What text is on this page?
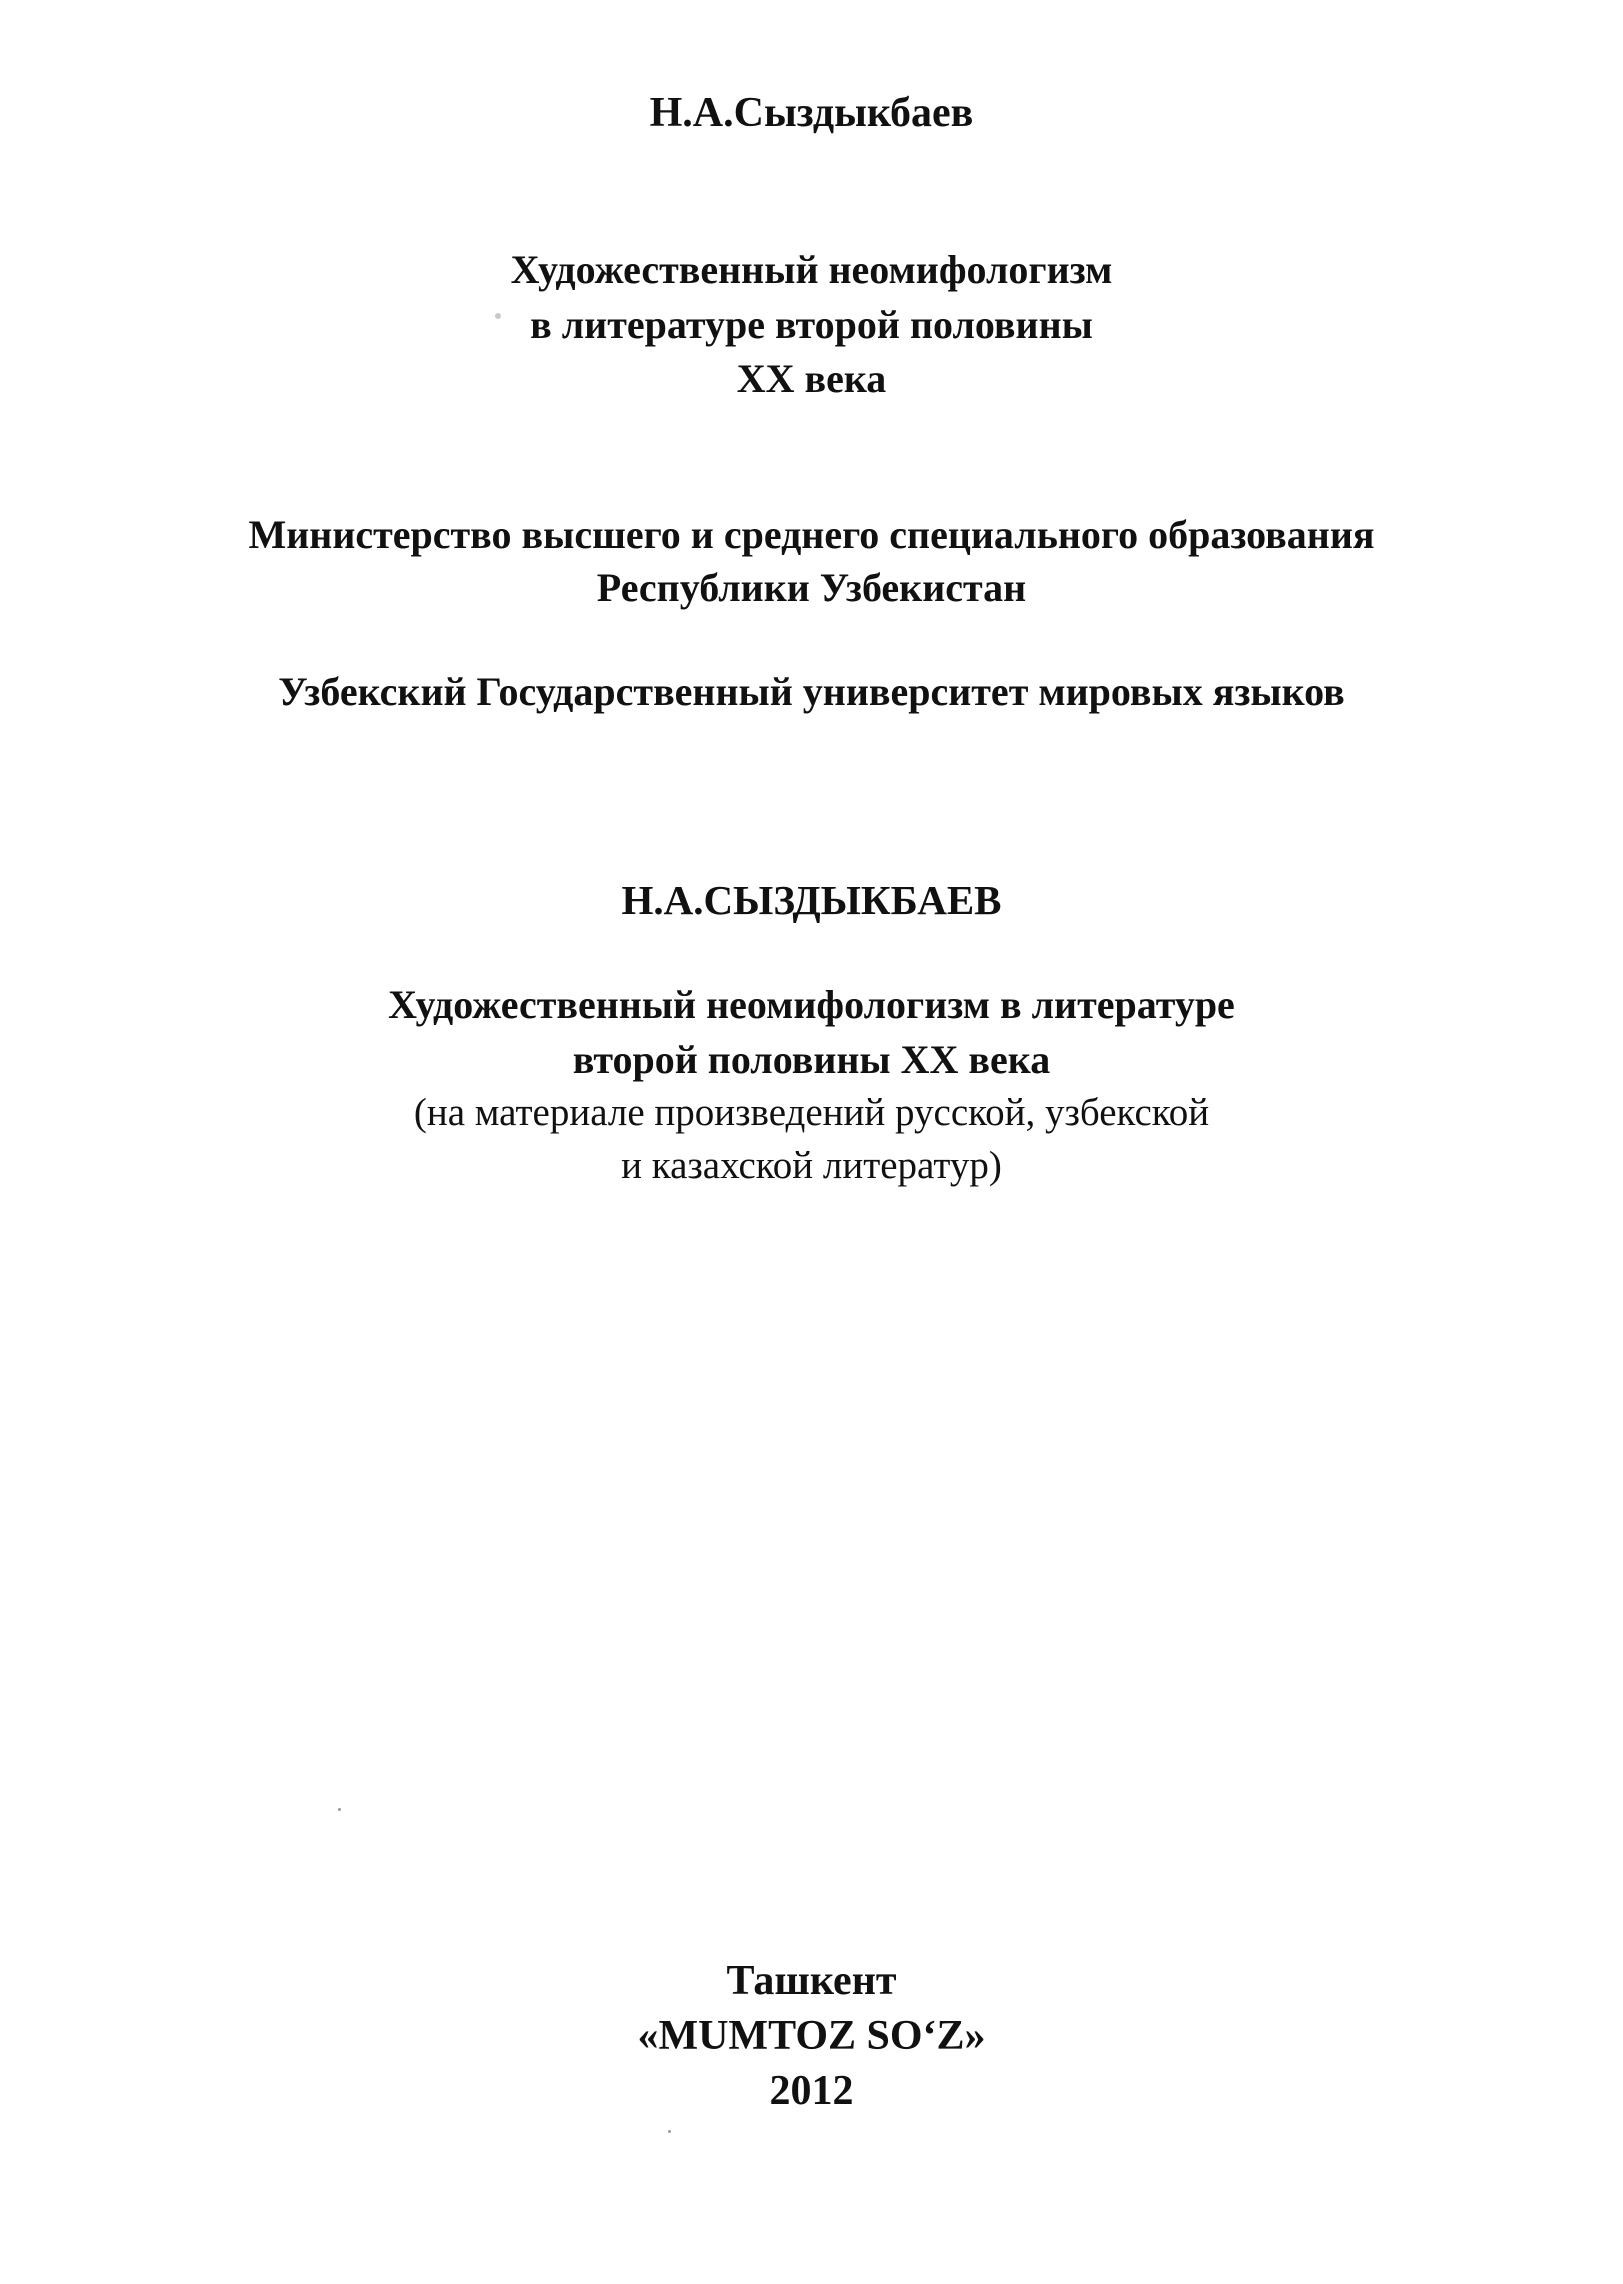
Н.А.Сыздыкбаев
Художественный неомифологизм
в литературе второй половины
XX века
Министерство высшего и среднего специального образования
Республики Узбекистан
Узбекский Государственный университет мировых языков
Н.А.СЫЗДЫКБАЕВ
Художественный неомифологизм в литературе
второй половины XX века
(на материале произведений русской, узбекской
и казахской литератур)
Ташкент
«MUMTOZ SO‘Z»
2012
